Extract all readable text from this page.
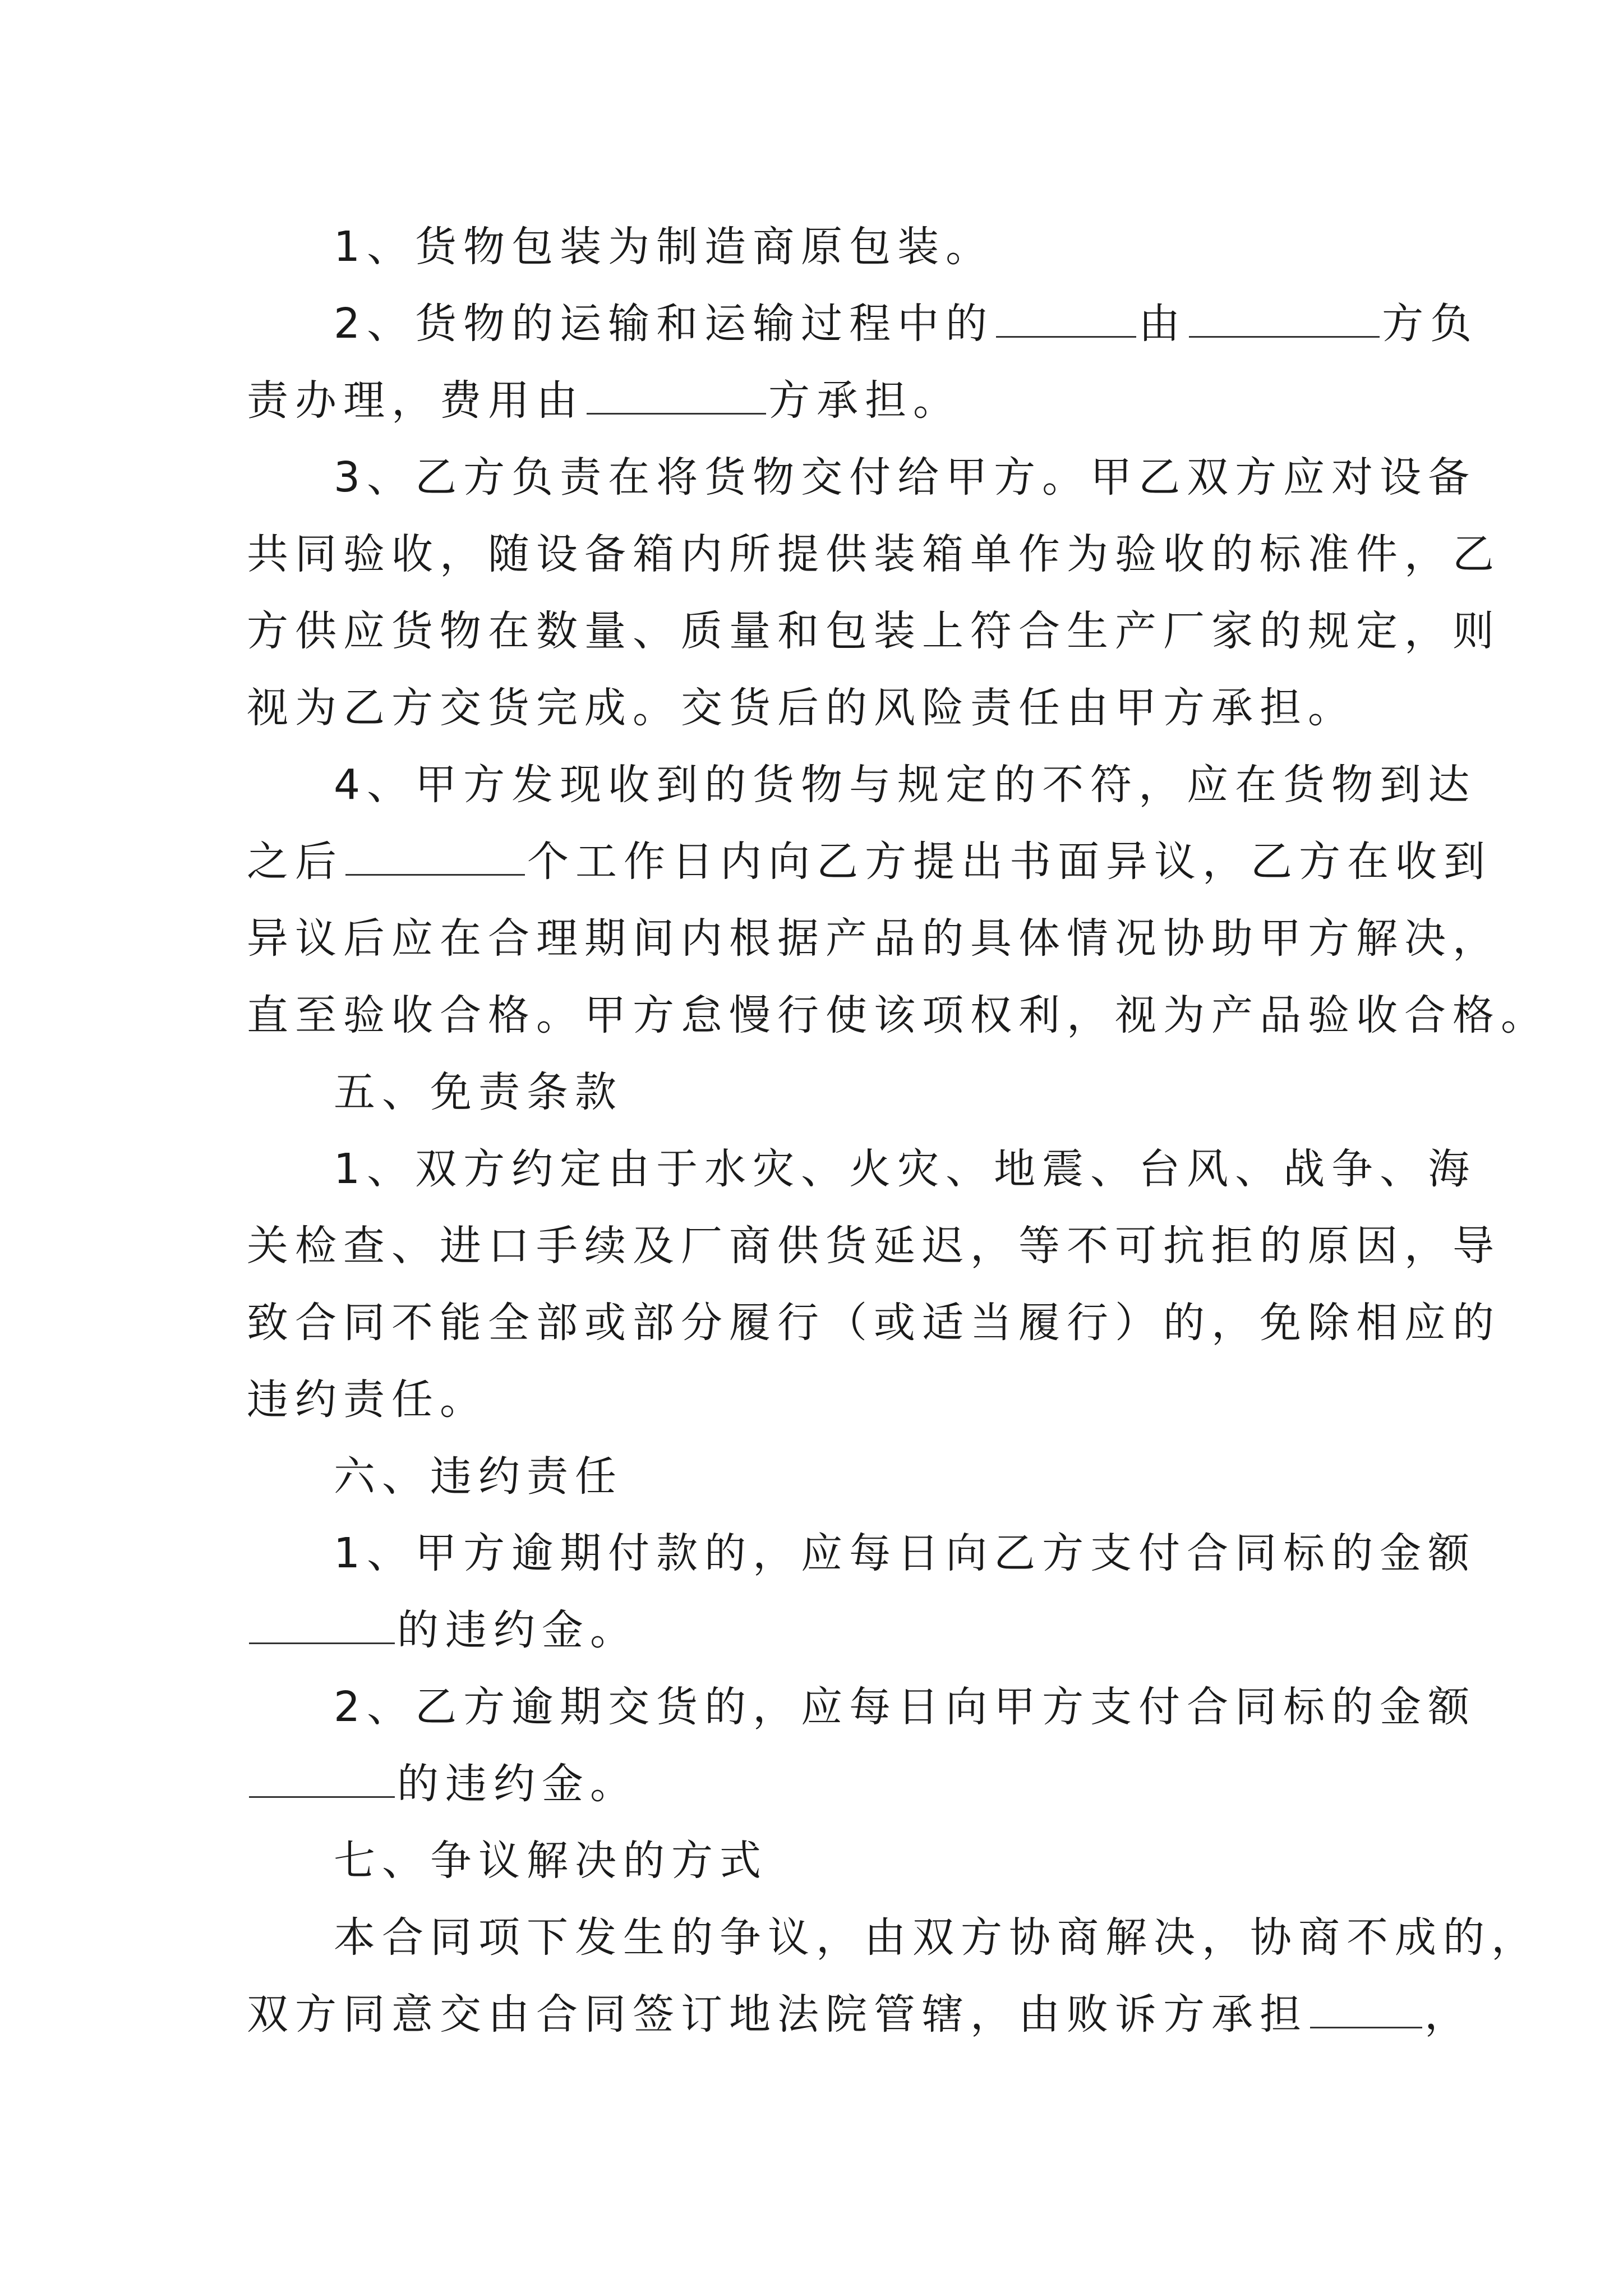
1、货物包装为制造商原包装。
2、货物的运输和运输过程中的	由	方负
责办理，费用由	方承担。
3、乙方负责在将货物交付给甲方。甲乙双方应对设备
共同验收，随设备箱内所提供装箱单作为验收的标准件，乙
方供应货物在数量、质量和包装上符合生产厂家的规定，则
视为乙方交货完成。交货后的风险责任由甲方承担。
4、甲方发现收到的货物与规定的不符，应在货物到达
之后	个工作日内向乙方提出书面异议，乙方在收到
异议后应在合理期间内根据产品的具体情况协助甲方解决，
直至验收合格。甲方怠慢行使该项权利，视为产品验收合格。
五、免责条款
1、双方约定由于水灾、火灾、地震、台风、战争、海
关检查、进口手续及厂商供货延迟，等不可抗拒的原因，导
致合同不能全部或部分履行（或适当履行）的，免除相应的
违约责任。
六、违约责任
1、甲方逾期付款的，应每日向乙方支付合同标的金额
的违约金。
2、乙方逾期交货的，应每日向甲方支付合同标的金额
的违约金。
七、争议解决的方式
本合同项下发生的争议，由双方协商解决，协商不成的，
双方同意交由合同签订地法院管辖，由败诉方承担	，
